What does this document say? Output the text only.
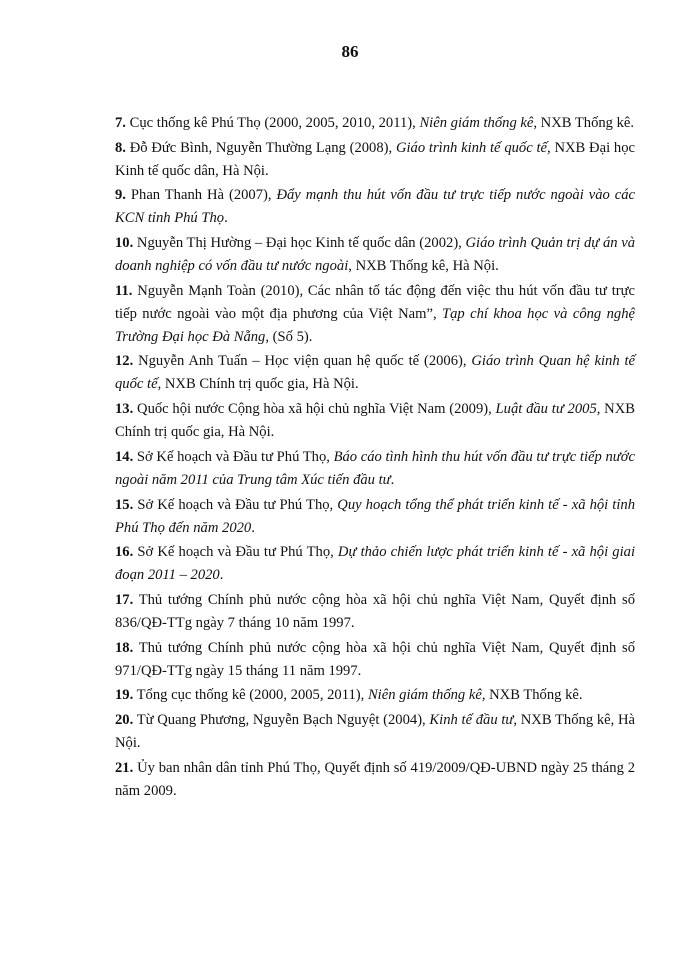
86
7. Cục thống kê Phú Thọ (2000, 2005, 2010, 2011), Niên giám thống kê, NXB Thống kê.
8. Đỗ Đức Bình, Nguyễn Thường Lạng (2008), Giáo trình kinh tế quốc tế, NXB Đại học Kinh tế quốc dân, Hà Nội.
9. Phan Thanh Hà (2007), Đẩy mạnh thu hút vốn đầu tư trực tiếp nước ngoài vào các KCN tỉnh Phú Thọ.
10. Nguyễn Thị Hường – Đại học Kinh tế quốc dân (2002), Giáo trình Quản trị dự án và doanh nghiệp có vốn đầu tư nước ngoài, NXB Thống kê, Hà Nội.
11. Nguyễn Mạnh Toàn (2010), Các nhân tố tác động đến việc thu hút vốn đầu tư trực tiếp nước ngoài vào một địa phương của Việt Nam”, Tạp chí khoa học và công nghệ Trường Đại học Đà Nẵng, (Số 5).
12. Nguyễn Anh Tuấn – Học viện quan hệ quốc tế (2006), Giáo trình Quan hệ kinh tế quốc tế, NXB Chính trị quốc gia, Hà Nội.
13. Quốc hội nước Cộng hòa xã hội chủ nghĩa Việt Nam (2009), Luật đầu tư 2005, NXB Chính trị quốc gia, Hà Nội.
14. Sở Kế hoạch và Đầu tư Phú Thọ, Báo cáo tình hình thu hút vốn đầu tư trực tiếp nước ngoài năm 2011 của Trung tâm Xúc tiến đầu tư.
15. Sở Kế hoạch và Đầu tư Phú Thọ, Quy hoạch tổng thể phát triển kinh tế - xã hội tỉnh Phú Thọ đến năm 2020.
16. Sở Kế hoạch và Đầu tư Phú Thọ, Dự thảo chiến lược phát triển kinh tế - xã hội giai đoạn 2011 – 2020.
17. Thủ tướng Chính phủ nước cộng hòa xã hội chủ nghĩa Việt Nam, Quyết định số 836/QĐ-TTg ngày 7 tháng 10 năm 1997.
18. Thủ tướng Chính phủ nước cộng hòa xã hội chủ nghĩa Việt Nam, Quyết định số 971/QĐ-TTg ngày 15 tháng 11 năm 1997.
19. Tổng cục thống kê (2000, 2005, 2011), Niên giám thống kê, NXB Thống kê.
20. Từ Quang Phương, Nguyễn Bạch Nguyệt (2004), Kinh tế đầu tư, NXB Thống kê, Hà Nội.
21. Ủy ban nhân dân tỉnh Phú Thọ, Quyết định số 419/2009/QĐ-UBND ngày 25 tháng 2 năm 2009.
